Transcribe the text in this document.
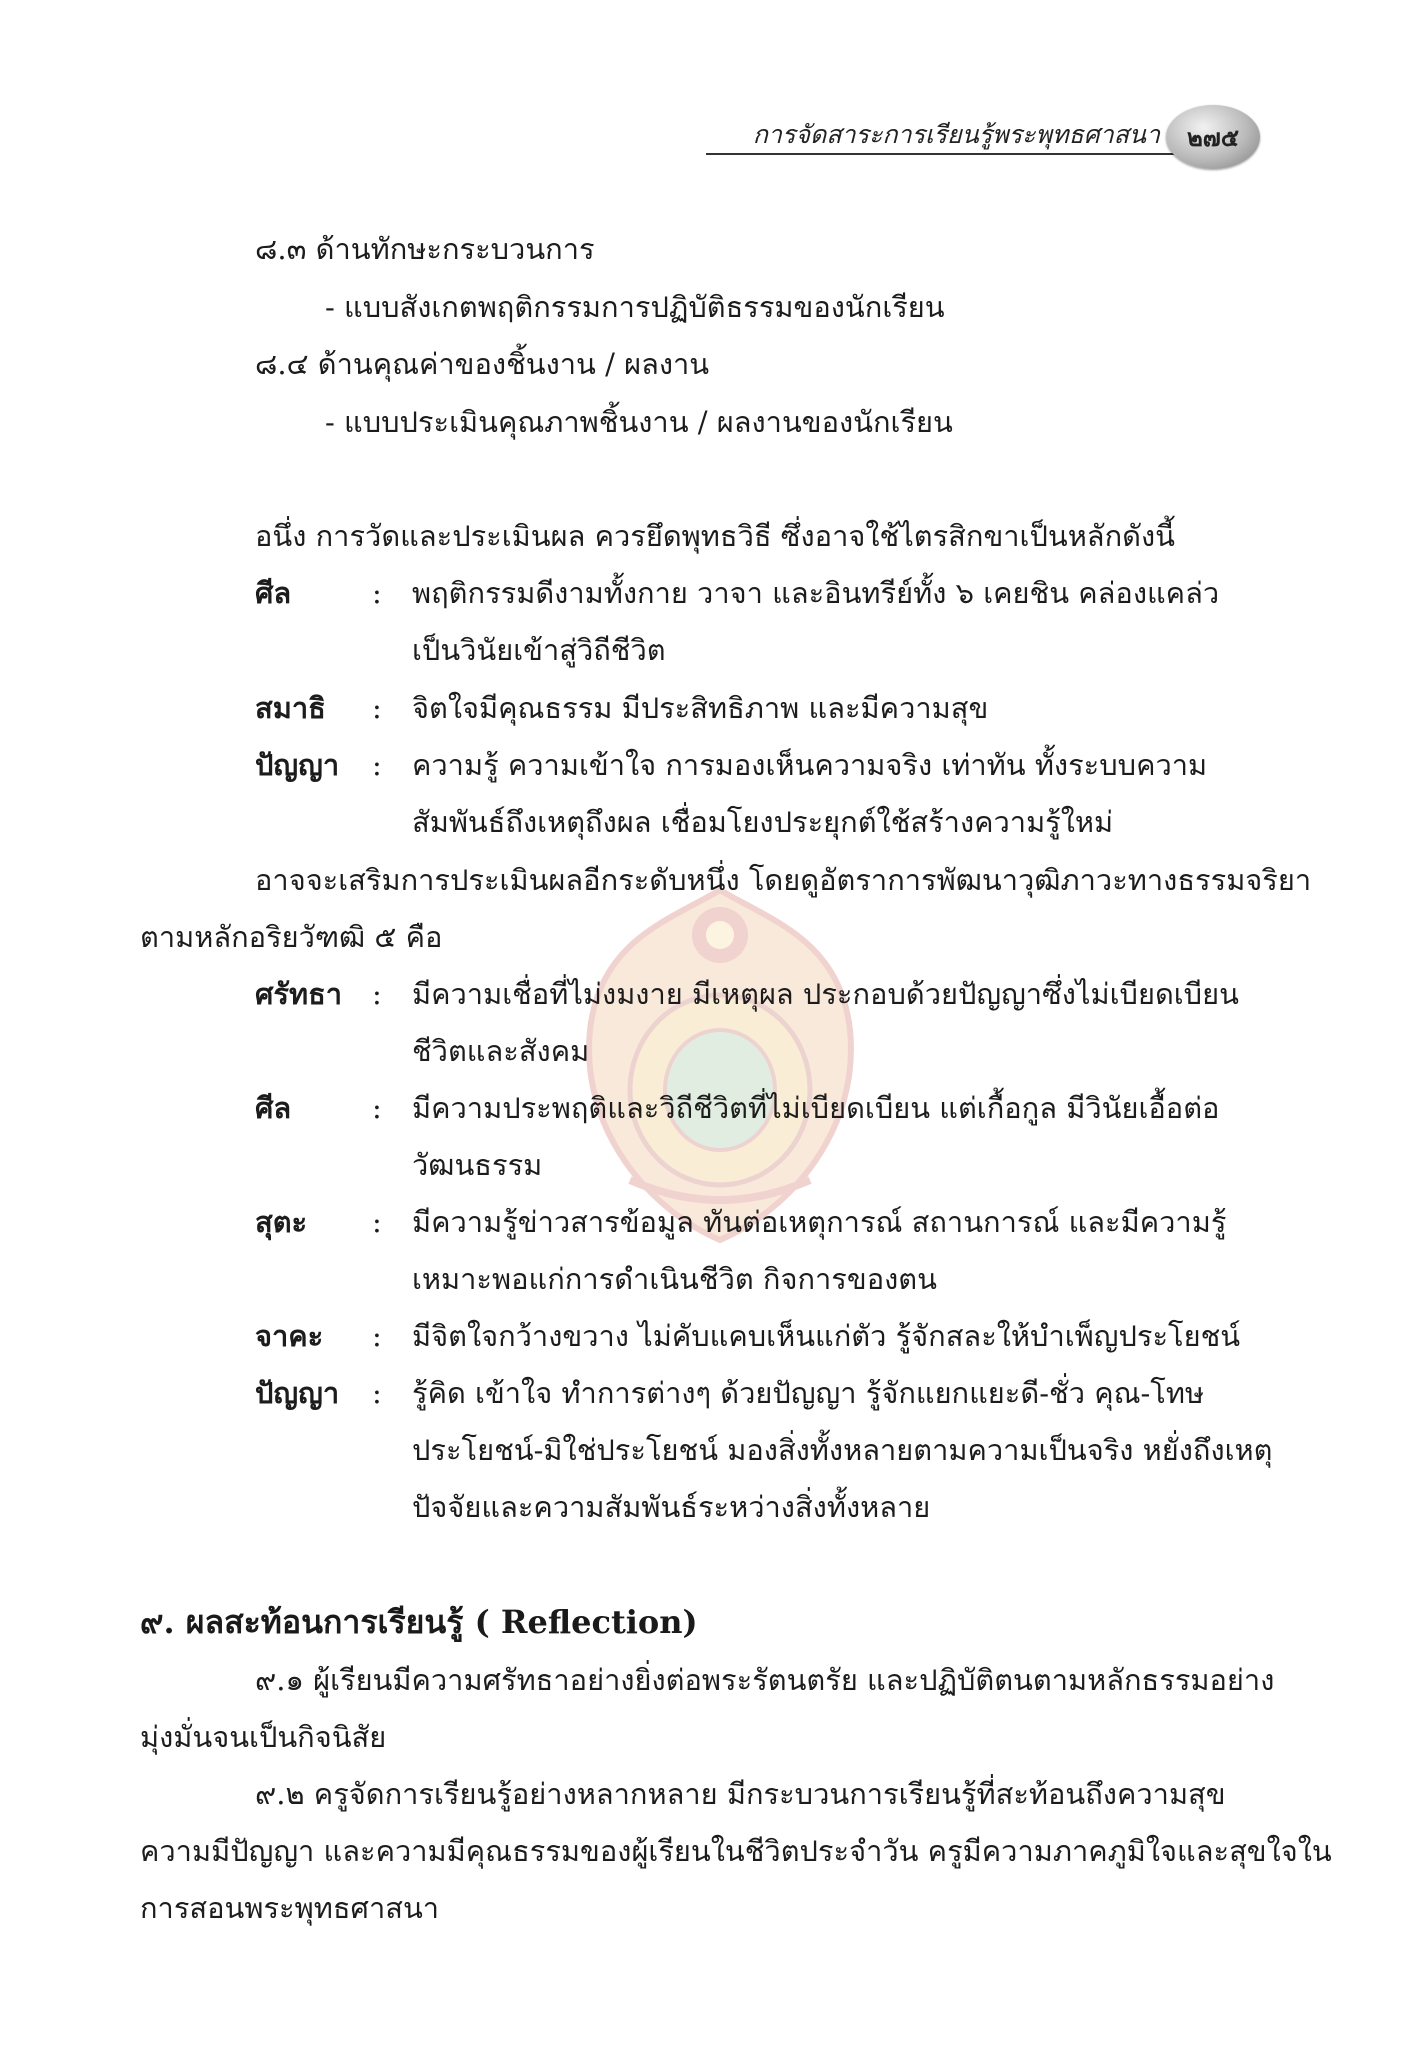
การจัดสาระการเรียนรู้พระพุทธศาสนา	๒๗๕
๘.๓ ด้านทักษะกระบวนการ
- แบบสังเกตพฤติกรรมการปฏิบัติธรรมของนักเรียน
๘.๔ ด้านคุณค่าของชิ้นงาน / ผลงาน
- แบบประเมินคุณภาพชิ้นงาน / ผลงานของนักเรียน
อนึ่ง การวัดและประเมินผล ควรยึดพุทธวิธี ซึ่งอาจใช้ไตรสิกขาเป็นหลักดังนี้
ศีล	: พฤติกรรมดีงามทั้งกาย วาจา และอินทรีย์ทั้ง ๖ เคยชิน คล่องแคล่ว
เป็นวินัยเข้าสู่วิถีชีวิต
สมาธิ : จิตใจมีคุณธรรม มีประสิทธิภาพ และมีความสุข
ปัญญา : ความรู้ ความเข้าใจ การมองเห็นความจริง เท่าทัน ทั้งระบบความ
สัมพันธ์ถึงเหตุถึงผล เชื่อมโยงประยุกต์ใช้สร้างความรู้ใหม่
อาจจะเสริมการประเมินผลอีกระดับหนึ่ง โดยดูอัตราการพัฒนาวุฒิภาวะทางธรรมจริยา
ตามหลักอริยวัฑฒิ ๕ คือ
ศรัทธา : มีความเชื่อที่ไม่งมงาย มีเหตุผล ประกอบด้วยปัญญาซึ่งไม่เบียดเบียน
ชีวิตและสังคม
ศีล	: มีความประพฤติและวิถีชีวิตที่ไม่เบียดเบียน แต่เกื้อกูล มีวินัยเอื้อต่อ
วัฒนธรรม
สุตะ : มีความรู้ข่าวสารข้อมูล ทันต่อเหตุการณ์ สถานการณ์ และมีความรู้
เหมาะพอแก่การดำเนินชีวิต กิจการของตน
จาคะ : มีจิตใจกว้างขวาง ไม่คับแคบเห็นแก่ตัว รู้จักสละให้บำเพ็ญประโยชน์
ปัญญา : รู้คิด เข้าใจ ทำการต่างๆ ด้วยปัญญา รู้จักแยกแยะดี-ชั่ว คุณ-โทษ
ประโยชน์-มิใช่ประโยชน์ มองสิ่งทั้งหลายตามความเป็นจริง หยั่งถึงเหตุ
ปัจจัยและความสัมพันธ์ระหว่างสิ่งทั้งหลาย
๙. ผลสะท้อนการเรียนรู้ ( Reflection)
๙.๑ ผู้เรียนมีความศรัทธาอย่างยิ่งต่อพระรัตนตรัย และปฏิบัติตนตามหลักธรรมอย่าง
มุ่งมั่นจนเป็นกิจนิสัย
๙.๒ ครูจัดการเรียนรู้อย่างหลากหลาย มีกระบวนการเรียนรู้ที่สะท้อนถึงความสุข
ความมีปัญญา และความมีคุณธรรมของผู้เรียนในชีวิตประจำวัน ครูมีความภาคภูมิใจและสุขใจใน
การสอนพระพุทธศาสนา
